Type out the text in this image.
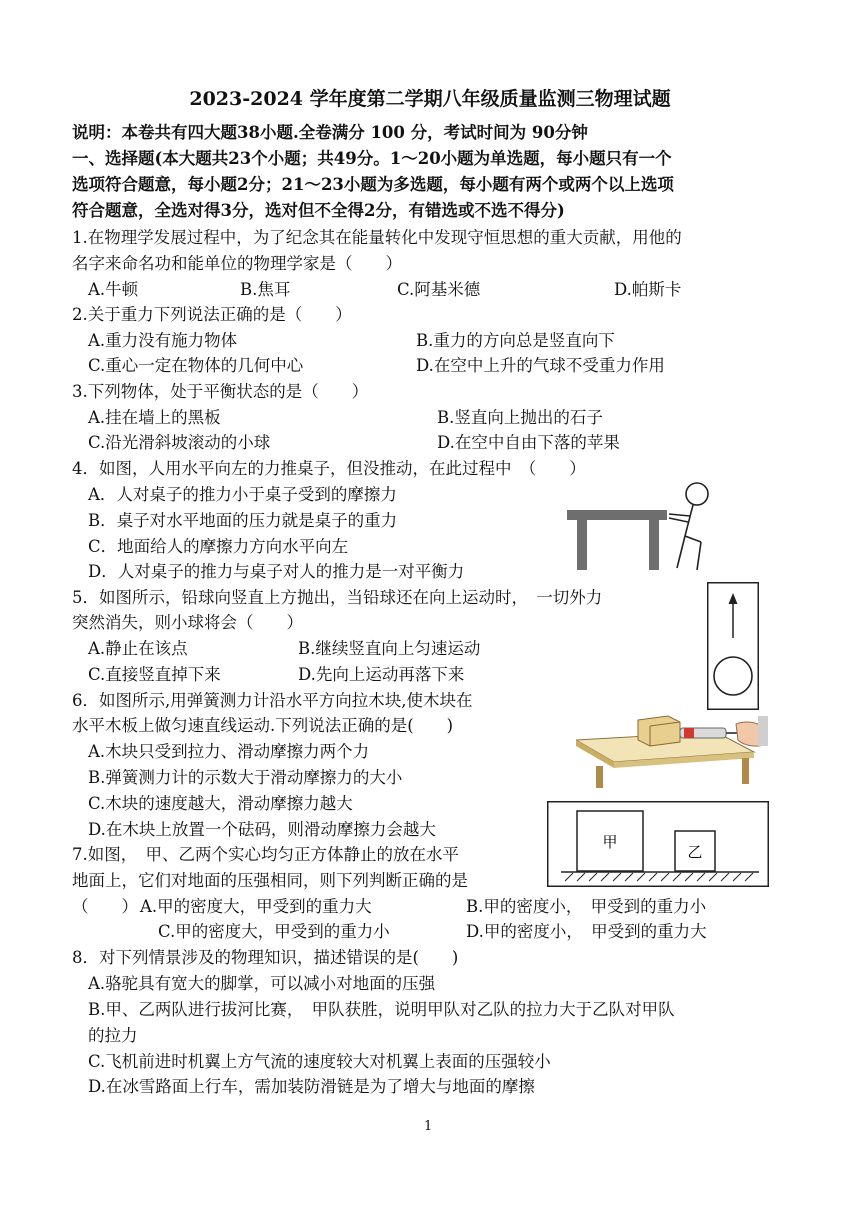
2023-2024 学年度第二学期八年级质量监测三物理试题
说明：本卷共有四大题38小题.全卷满分 100 分，考试时间为 90分钟
一、选择题(本大题共23个小题；共49分。1～20小题为单选题，每小题只有一个
选项符合题意，每小题2分；21～23小题为多选题，每小题有两个或两个以上选项
符合题意，全选对得3分，选对但不全得2分，有错选或不选不得分)
1.在物理学发展过程中，为了纪念其在能量转化中发现守恒思想的重大贡献，用他的
名字来命名功和能单位的物理学家是（　　）
A.牛顿	B.焦耳	C.阿基米德	D.帕斯卡
2.关于重力下列说法正确的是（　　）
A.重力没有施力物体	B.重力的方向总是竖直向下
C.重心一定在物体的几何中心	D.在空中上升的气球不受重力作用
3.下列物体，处于平衡状态的是（　　）
A.挂在墙上的黑板	B.竖直向上抛出的石子
C.沿光滑斜坡滚动的小球	D.在空中自由下落的苹果
4．如图，人用水平向左的力推桌子，但没推动，在此过程中　（　　）
A．人对桌子的推力小于桌子受到的摩擦力
B．桌子对水平地面的压力就是桌子的重力
C．地面给人的摩擦力方向水平向左
D．人对桌子的推力与桌子对人的推力是一对平衡力
5．如图所示，铅球向竖直上方抛出，当铅球还在向上运动时，　一切外力
突然消失，则小球将会（　　）
A.静止在该点	B.继续竖直向上匀速运动
C.直接竖直掉下来	D.先向上运动再落下来
6．如图所示,用弹簧测力计沿水平方向拉木块,使木块在
水平木板上做匀速直线运动.下列说法正确的是(　　)
A.木块只受到拉力、滑动摩擦力两个力
B.弹簧测力计的示数大于滑动摩擦力的大小
C.木块的速度越大，滑动摩擦力越大
D.在木块上放置一个砝码，则滑动摩擦力会越大
甲
乙
7.如图，　甲、乙两个实心均匀正方体静止的放在水平
地面上，它们对地面的压强相同，则下列判断正确的是
（　　） A.甲的密度大，甲受到的重力大	B.甲的密度小，　甲受到的重力小
C.甲的密度大，甲受到的重力小	D.甲的密度小，　甲受到的重力大
8．对下列情景涉及的物理知识，描述错误的是(　　)
A.骆驼具有宽大的脚掌，可以减小对地面的压强
B.甲、乙两队进行拔河比赛，　甲队获胜，说明甲队对乙队的拉力大于乙队对甲队
的拉力
C.飞机前进时机翼上方气流的速度较大对机翼上表面的压强较小
D.在冰雪路面上行车，需加装防滑链是为了增大与地面的摩擦
1
